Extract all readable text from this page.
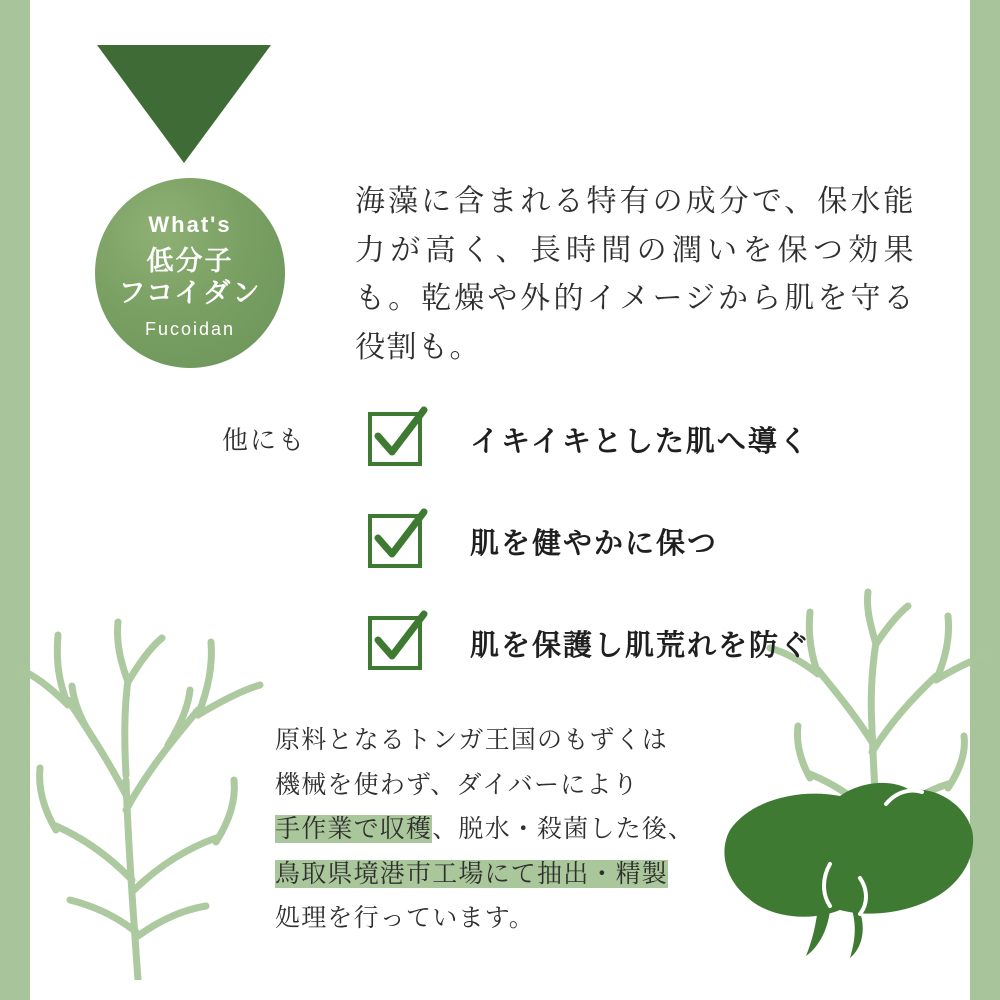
What's
低分子
フコイダン
Fucoidan
海藻に含まれる特有の成分で、保水能力が高く、長時間の潤いを保つ効果も。乾燥や外的イメージから肌を守る役割も。
他にも	イキイキとした肌へ導く
肌を健やかに保つ
肌を保護し肌荒れを防ぐ
原料となるトンガ王国のもずくは
機械を使わず、ダイバーにより
手作業で収穫、脱水・殺菌した後、
鳥取県境港市工場にて抽出・精製
処理を行っています。
